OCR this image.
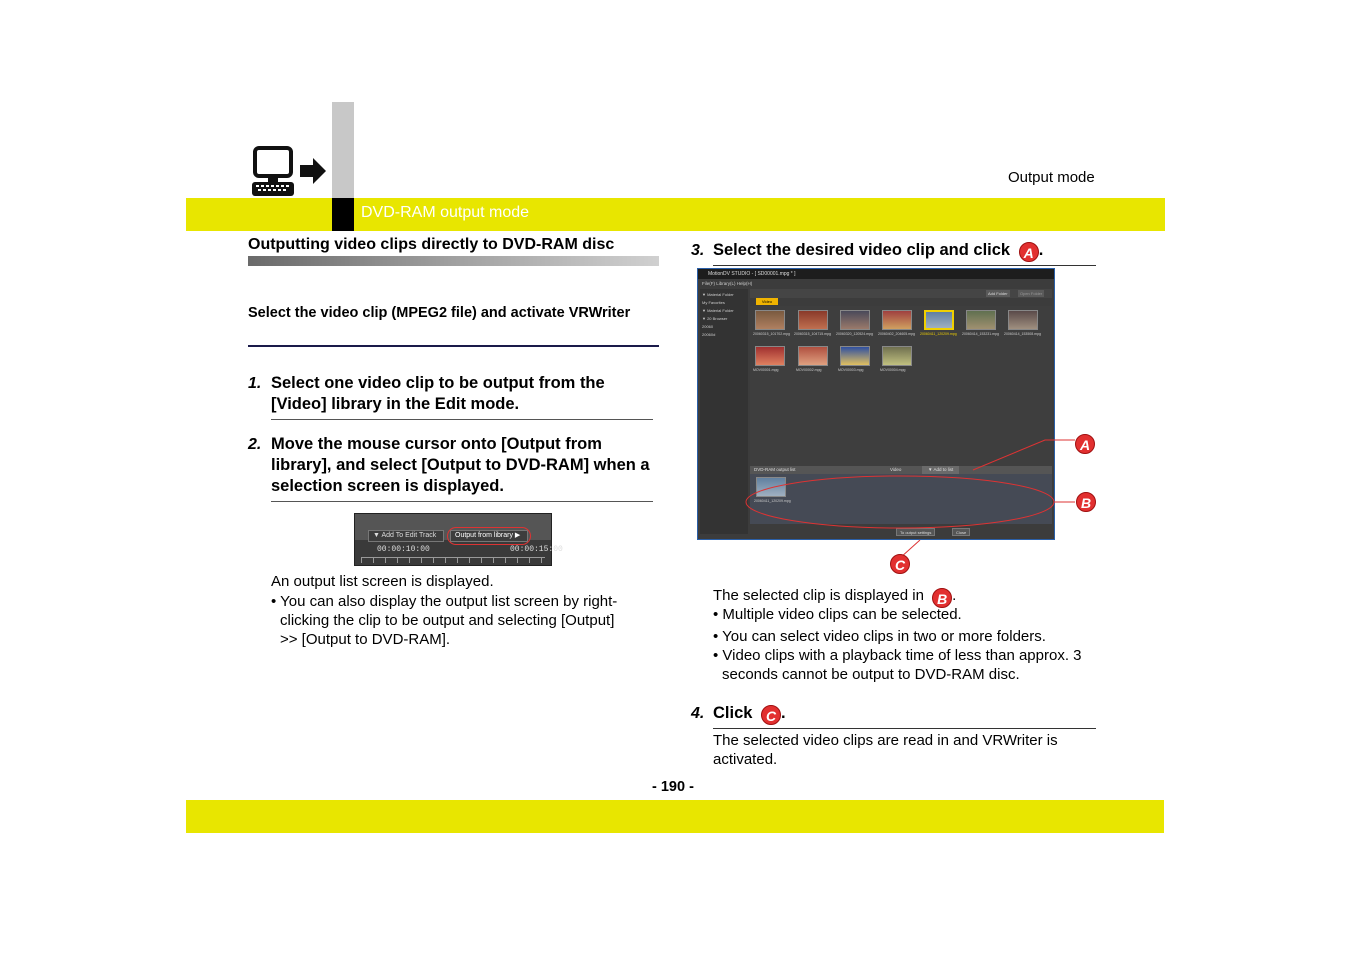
DVD-RAM output mode
Output mode
Outputting video clips directly to DVD-RAM disc
Select the video clip (MPEG2 file) and activate VRWriter
1. Select one video clip to be output from the [Video] library in the Edit mode.
2. Move the mouse cursor onto [Output from library], and select [Output to DVD-RAM] when a selection screen is displayed.
▼ Add To Edit Track	Output from library ▶
00:00:10:00	00:00:15:00
An output list screen is displayed.
• You can also display the output list screen by right-clicking the clip to be output and selecting [Output] >> [Output to DVD-RAM].
3. Select the desired video clip and click A .
MotionDV STUDIO - [ SD00001.mpg * ]
File(F) Library(L) Help(H)
▼ Material Folder
My Favorites
▼ Material Folder
▼ 20 Browser
20060
20060d
Add Folder	Open Folder
Video
20060315_101702.mpg	20060315_104715.mpg	20060320_120524.mpg	20060402_204605.mpg	20060411_120209.mpg	20060414_153231.mpg	20060414_153508.mpg
MOV00001.mpg	MOV00002.mpg	MOV00003.mpg	MOV00004.mpg
DVD-RAM output list	Video	▼ Add to list
20060411_120209.mpg
To output settings	Close
A
B
C
The selected clip is displayed in B .
• Multiple video clips can be selected.
• You can select video clips in two or more folders.
• Video clips with a playback time of less than approx. 3 seconds cannot be output to DVD-RAM disc.
4. Click C .
The selected video clips are read in and VRWriter is activated.
- 190 -
